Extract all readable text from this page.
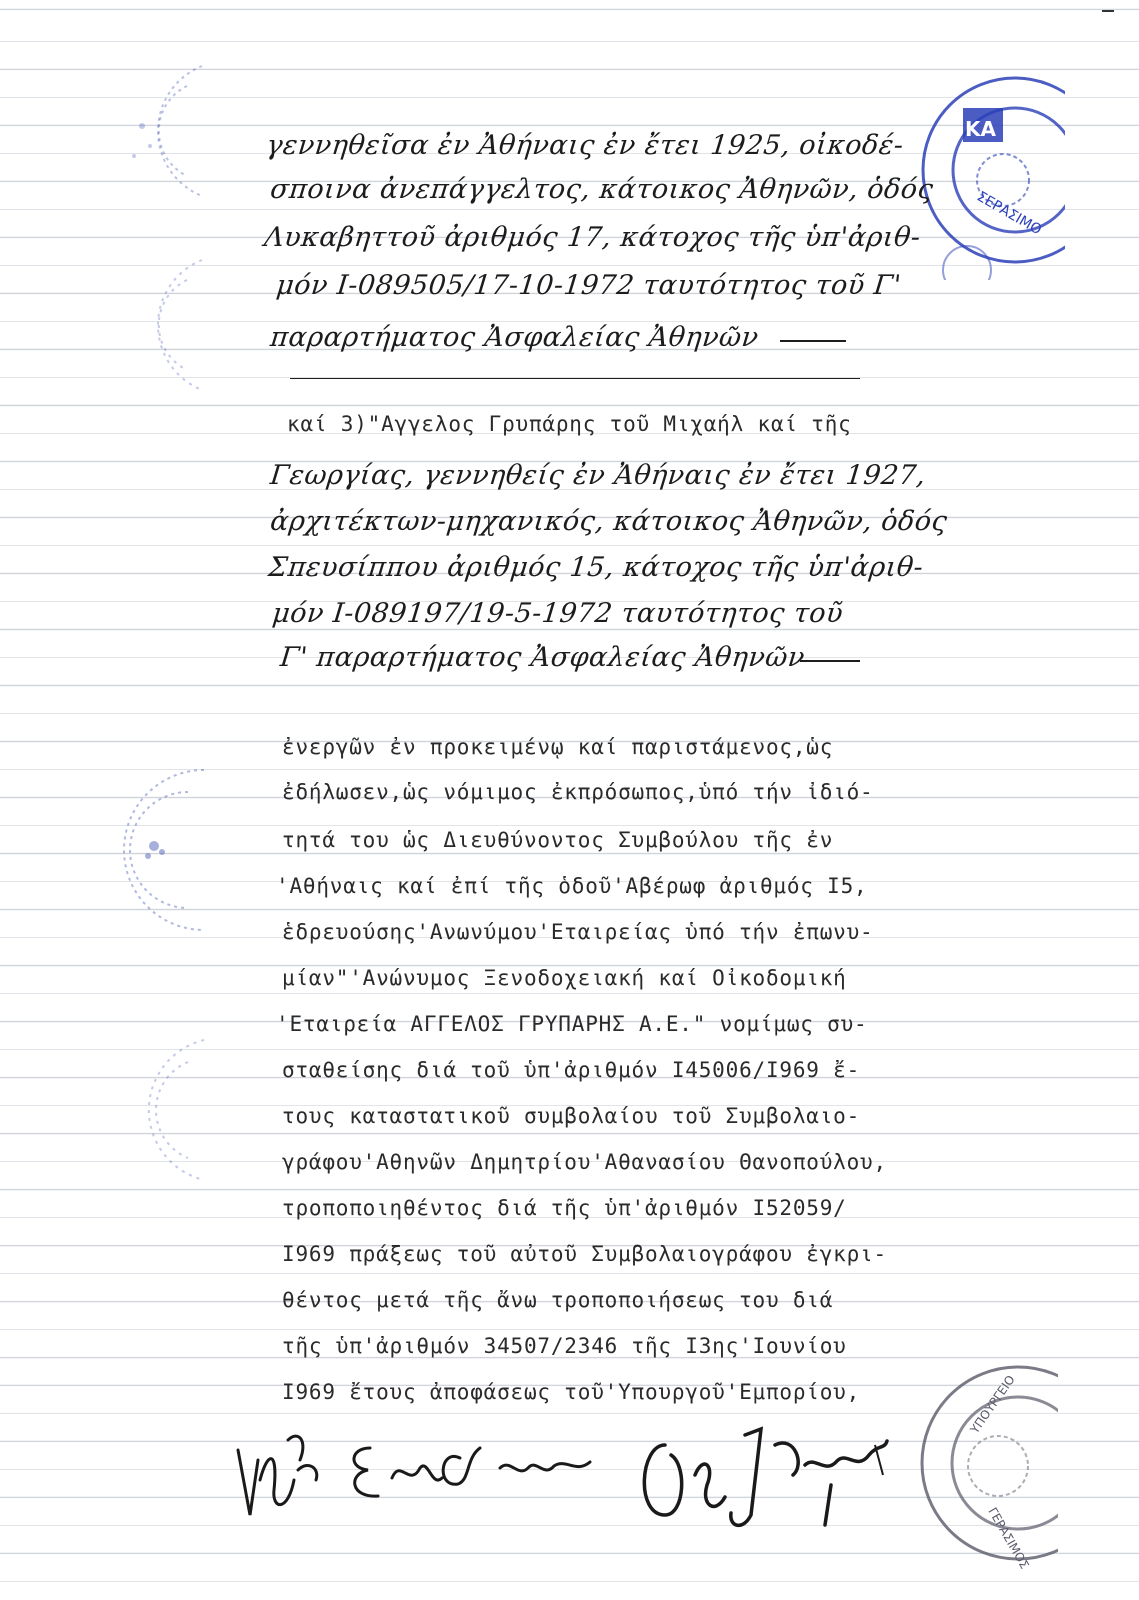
ΚΑ
ΣΕΡΑΣΙΜΟ
ΥΠΟΥΡΓΕΙΟ
ΓΕΡΑΣΙΜΟΣ
γεννηθεῖσα ἐν Ἀθήναις ἐν ἔτει 1925, οἰκοδέ-
σποινα ἀνεπάγγελτος, κάτοικος Ἀθηνῶν, ὁδός
Λυκαβηττοῦ ἀριθμός 17, κάτοχος τῆς ὑπ'ἀριθ-
μόν Ι-089505/17-10-1972 ταυτότητος τοῦ Γ'
παραρτήματος Ἀσφαλείας Ἀθηνῶν
καί 3)"Αγγελος Γρυπάρης τοῦ Μιχαήλ καί τῆς
Γεωργίας, γεννηθείς ἐν Ἀθήναις ἐν ἔτει 1927,
ἀρχιτέκτων-μηχανικός, κάτοικος Ἀθηνῶν, ὁδός
Σπευσίππου ἀριθμός 15, κάτοχος τῆς ὑπ'ἀριθ-
μόν Ι-089197/19-5-1972 ταυτότητος τοῦ
Γ' παραρτήματος Ἀσφαλείας Ἀθηνῶν
ἐνεργῶν ἐν προκειμένῳ καί παριστάμενος,ὡς
ἐδήλωσεν,ὡς νόμιμος ἐκπρόσωπος,ὑπό τήν ἰδιό-
τητά του ὡς Διευθύνοντος Συμβούλου τῆς ἐν
'Αθήναις καί ἐπί τῆς ὁδοῦ'Αβέρωφ ἀριθμός Ι5,
ἑδρευούσης'Ανωνύμου'Εταιρείας ὑπό τήν ἐπωνυ-
μίαν"'Ανώνυμος Ξενοδοχειακή καί Οἰκοδομική
'Εταιρεία ΑΓΓΕΛΟΣ ΓΡΥΠΑΡΗΣ Α.Ε." νομίμως συ-
σταθείσης διά τοῦ ὑπ'ἀριθμόν Ι45006/Ι969 ἔ-
τους καταστατικοῦ συμβολαίου τοῦ Συμβολαιο-
γράφου'Αθηνῶν Δημητρίου'Αθανασίου Θανοπούλου,
τροποποιηθέντος διά τῆς ὑπ'ἀριθμόν Ι52059/
Ι969 πράξεως τοῦ αὐτοῦ Συμβολαιογράφου ἐγκρι-
θέντος μετά τῆς ἄνω τροποποιήσεως του διά
τῆς ὑπ'ἀριθμόν 34507/2346 τῆς Ι3ης'Ιουνίου
Ι969 ἔτους ἀποφάσεως τοῦ'Υπουργοῦ'Εμπορίου,
